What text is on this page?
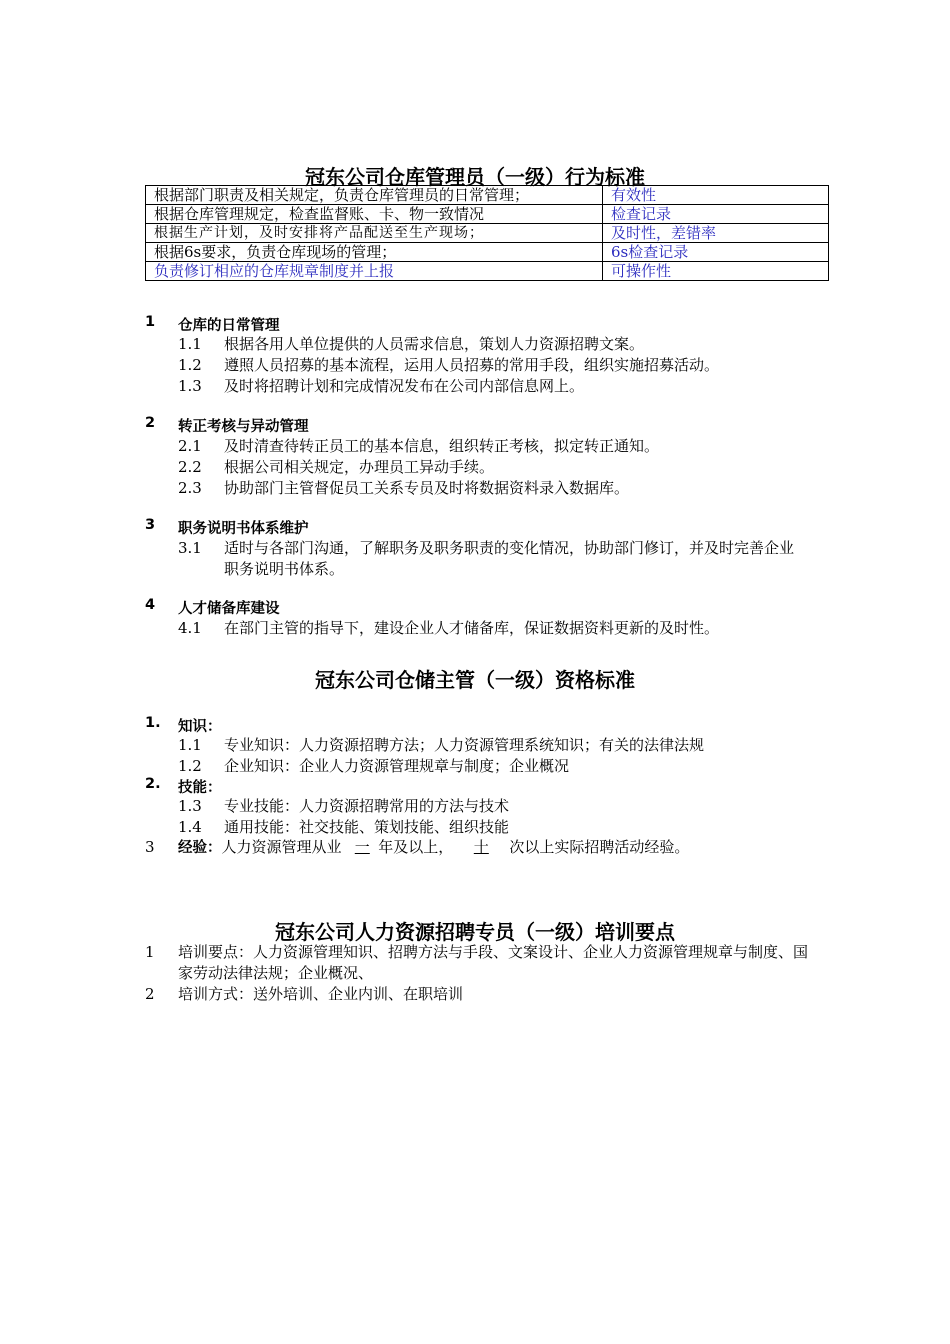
冠东公司仓库管理员（一级）行为标准
根据部门职责及相关规定，负责仓库管理员的日常管理；	有效性
根据仓库管理规定，检查监督账、卡、物一致情况	检查记录
根据生产计划，及时安排将产品配送至生产现场；	及时性，差错率
根据6s要求，负责仓库现场的管理；	6s检查记录
负责修订相应的仓库规章制度并上报	可操作性
1	仓库的日常管理
1.1 根据各用人单位提供的人员需求信息，策划人力资源招聘文案。
1.2 遵照人员招募的基本流程，运用人员招募的常用手段，组织实施招募活动。
1.3 及时将招聘计划和完成情况发布在公司内部信息网上。
2	转正考核与异动管理
2.1 及时清查待转正员工的基本信息，组织转正考核，拟定转正通知。
2.2 根据公司相关规定，办理员工异动手续。
2.3 协助部门主管督促员工关系专员及时将数据资料录入数据库。
3	职务说明书体系维护
3.1 适时与各部门沟通，了解职务及职务职责的变化情况，协助部门修订，并及时完善企业职务说明书体系。
4	人才储备库建设
4.1 在部门主管的指导下，建设企业人才储备库，保证数据资料更新的及时性。
冠东公司仓储主管（一级）资格标准
1.	知识：
1.1 专业知识：人力资源招聘方法；人力资源管理系统知识；有关的法律法规
1.2 企业知识：企业人力资源管理规章与制度；企业概况
2.	技能：
1.3 专业技能：人力资源招聘常用的方法与技术
1.4 通用技能：社交技能、策划技能、组织技能
3	经验：人力资源管理从业 一 年及以上， 十 次以上实际招聘活动经验。
冠东公司人力资源招聘专员（一级）培训要点
1	培训要点：人力资源管理知识、招聘方法与手段、文案设计、企业人力资源管理规章与制度、国家劳动法律法规；企业概况、
2	培训方式：送外培训、企业内训、在职培训
